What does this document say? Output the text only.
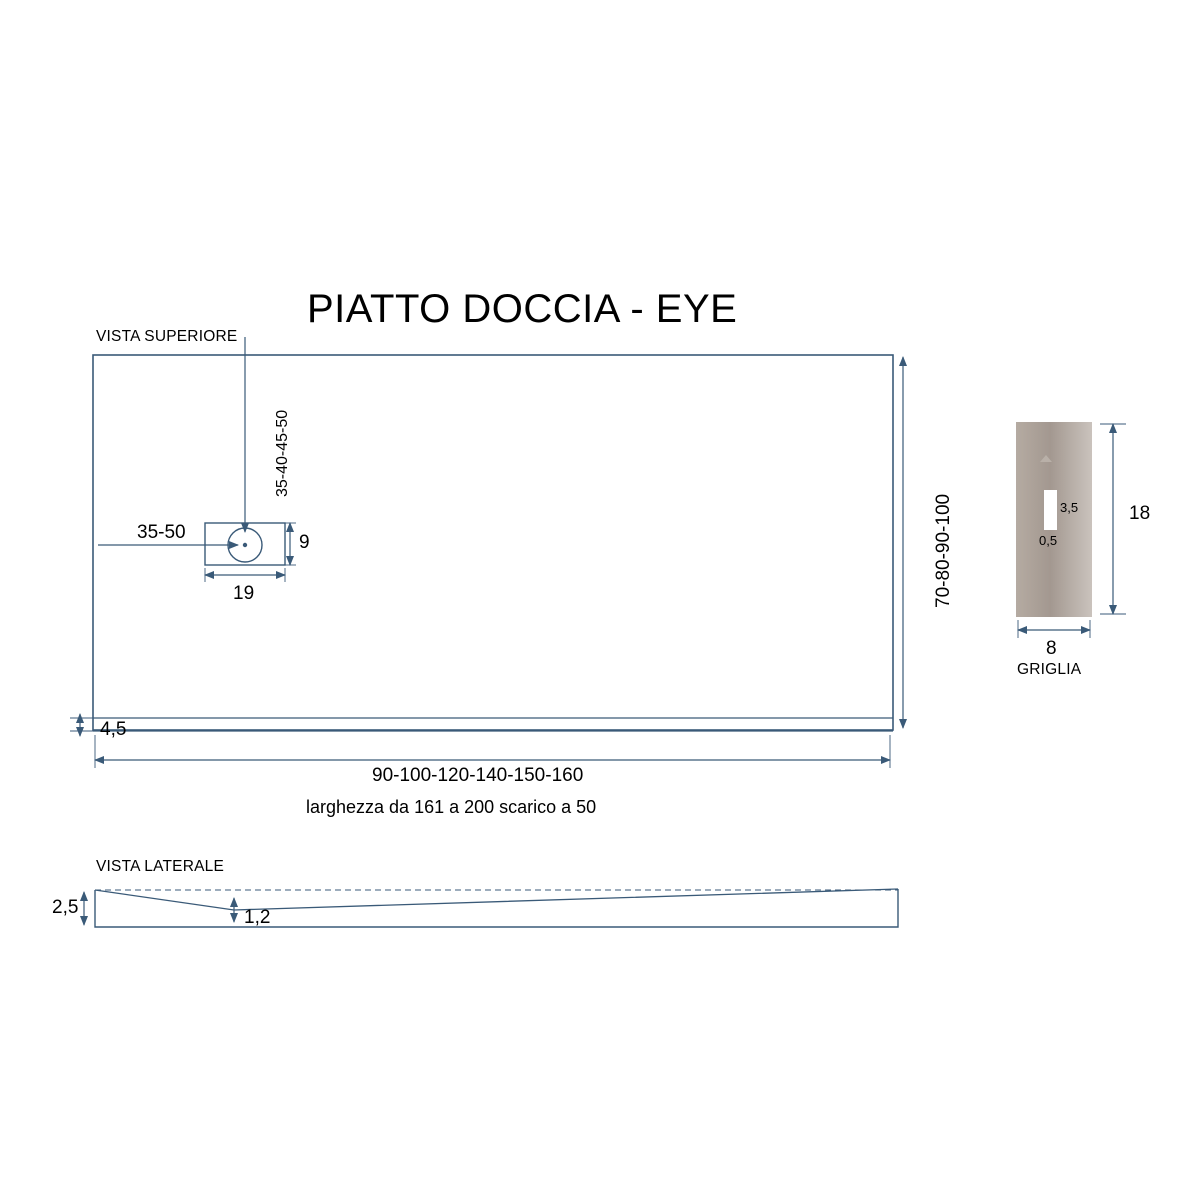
PIATTO DOCCIA - EYE
VISTA SUPERIORE
VISTA LATERALE
35-40-45-50
35-50	9
19	70-80-90-100
4,5
90-100-120-140-150-160
larghezza da 161 a 200 scarico a 50
2,5	1,2
3,5
0,5
18
8
GRIGLIA
